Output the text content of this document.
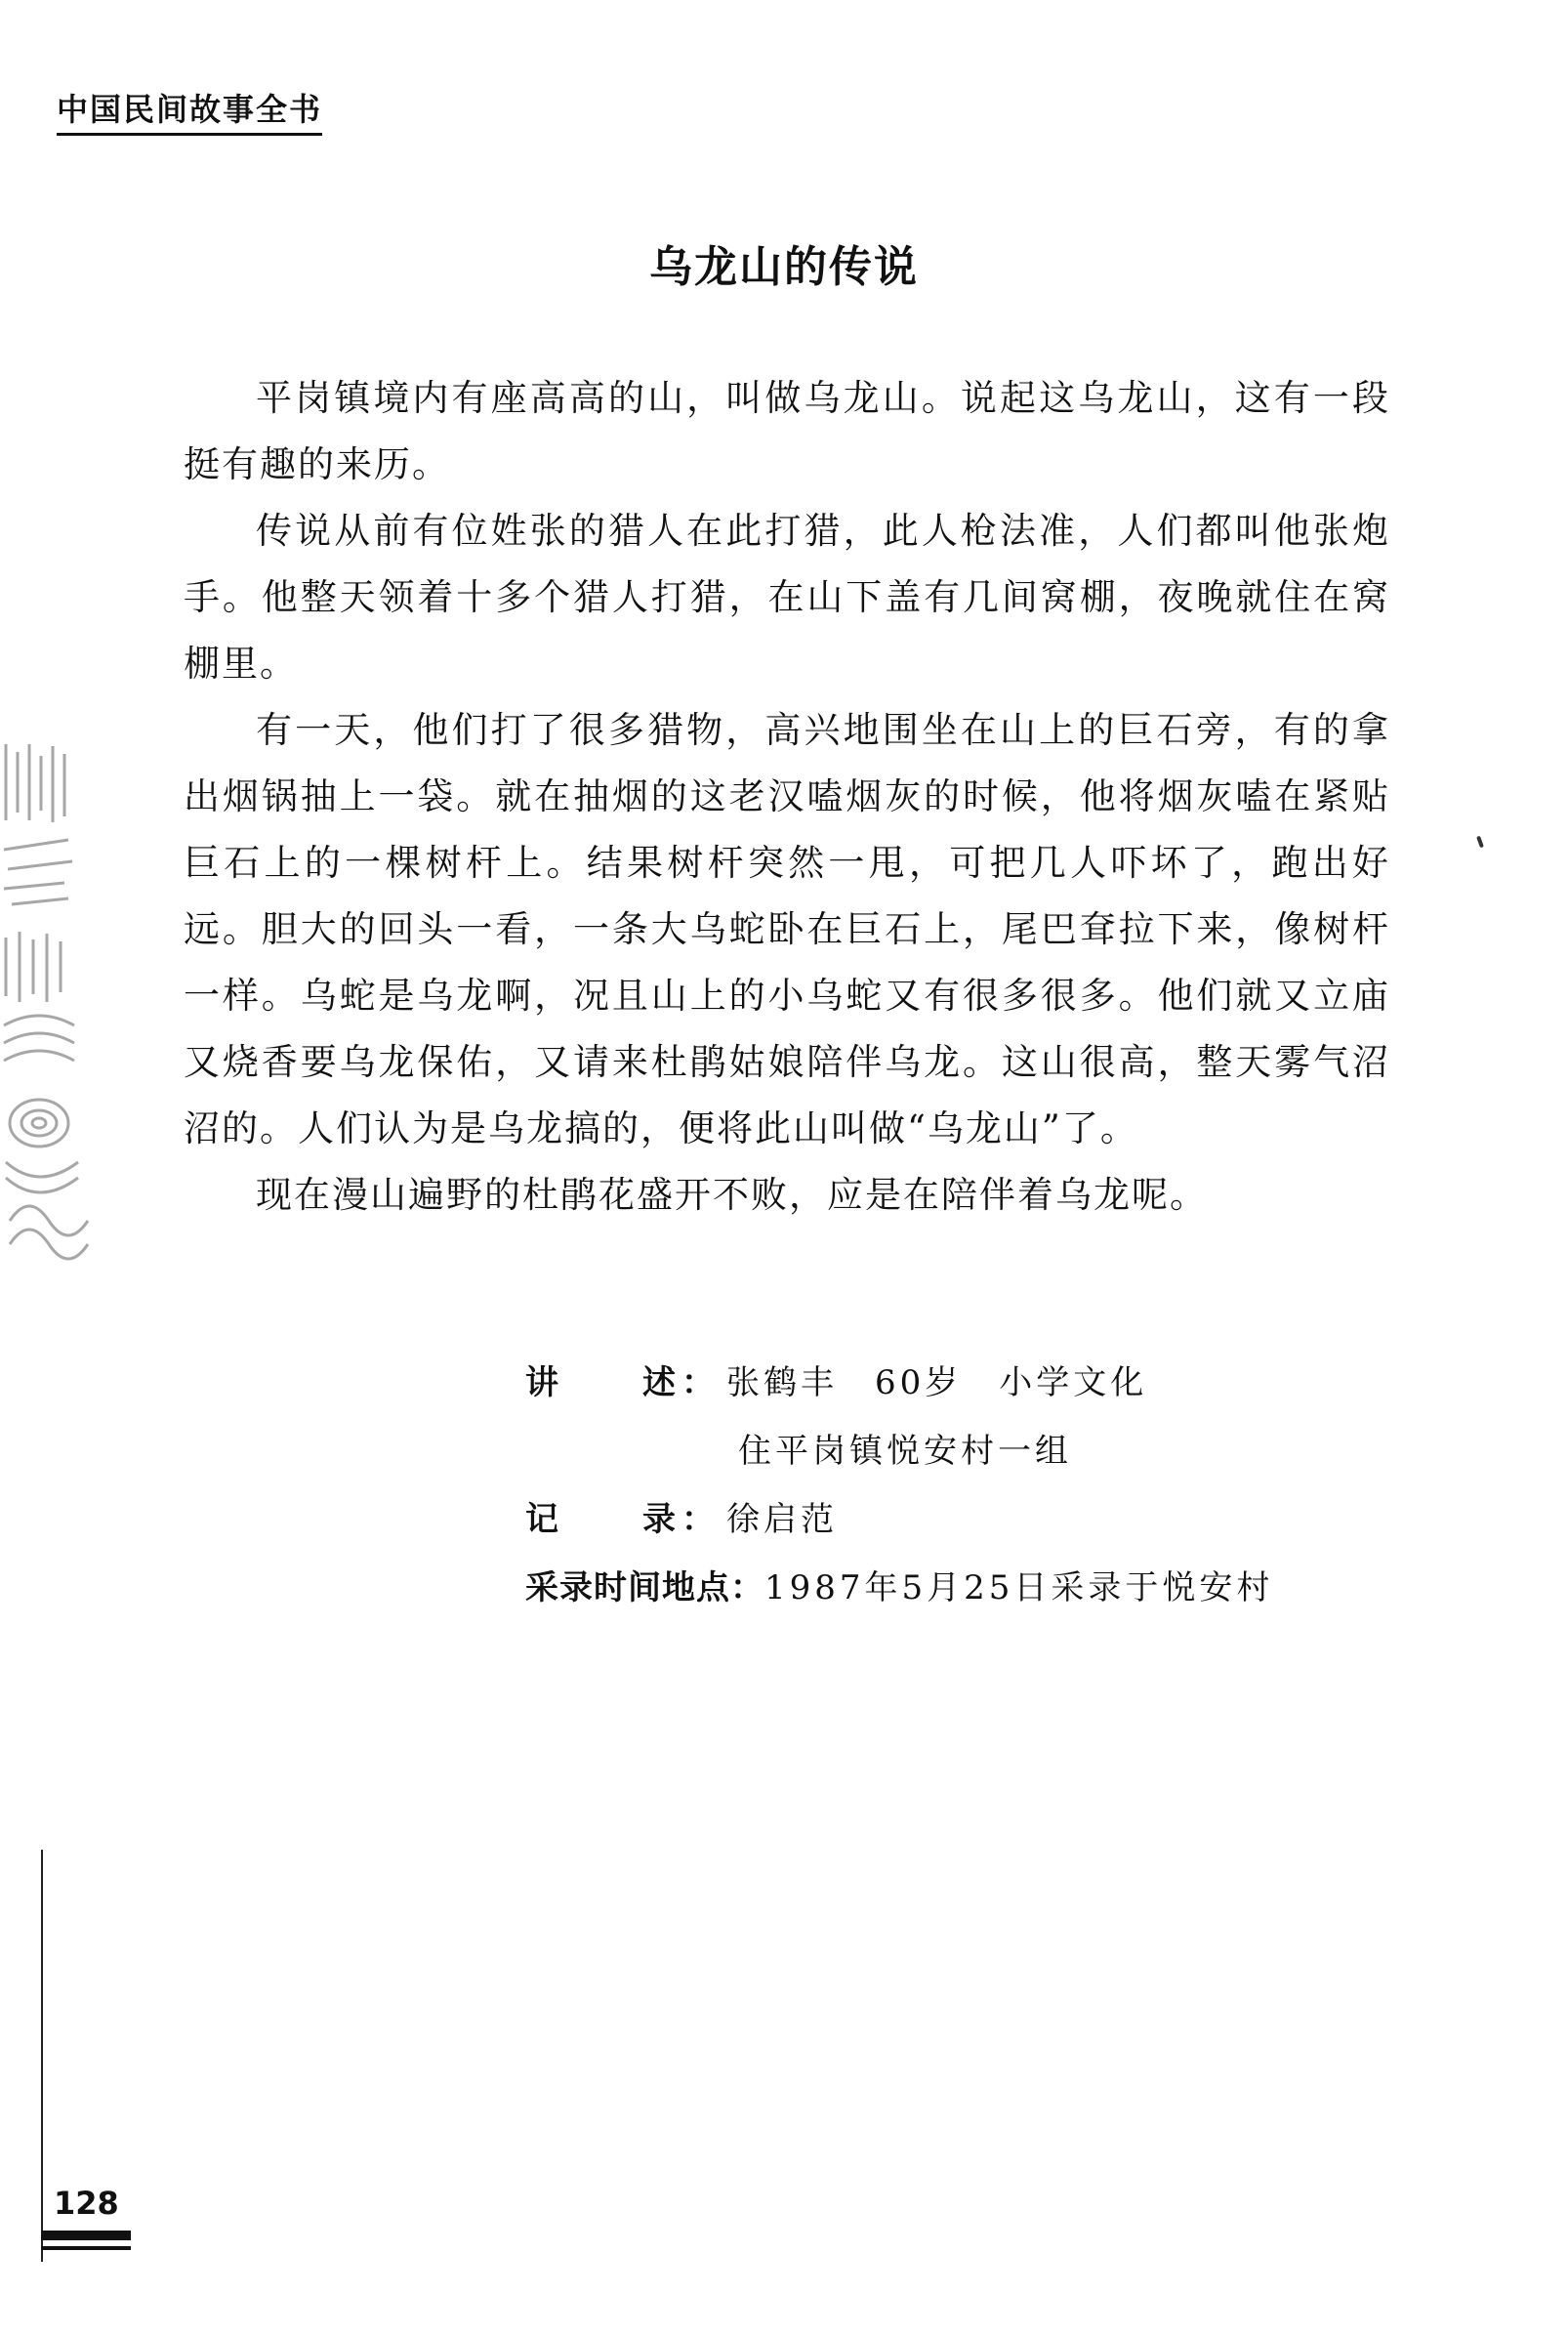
中国民间故事全书
乌龙山的传说

平岗镇境内有座高高的山，叫做乌龙山。说起这乌龙山，这有一段挺有趣的来历。

传说从前有位姓张的猎人在此打猎，此人枪法准，人们都叫他张炮手。他整天领着十多个猎人打猎，在山下盖有几间窝棚，夜晚就住在窝棚里。

有一天，他们打了很多猎物，高兴地围坐在山上的巨石旁，有的拿出烟锅抽上一袋。就在抽烟的这老汉嗑烟灰的时候，他将烟灰嗑在紧贴巨石上的一棵树杆上。结果树杆突然一甩，可把几人吓坏了，跑出好远。胆大的回头一看，一条大乌蛇卧在巨石上，尾巴耷拉下来，像树杆一样。乌蛇是乌龙啊，况且山上的小乌蛇又有很多很多。他们就又立庙又烧香要乌龙保佑，又请来杜鹃姑娘陪伴乌龙。这山很高，整天雾气沼沼的。人们认为是乌龙搞的，便将此山叫做“乌龙山”了。

现在漫山遍野的杜鹃花盛开不败，应是在陪伴着乌龙呢。

讲　　述： 张鹤丰　60岁　小学文化
住平岗镇悦安村一组
记　　录： 徐启范
采录时间地点： 1987年5月25日采录于悦安村
128
